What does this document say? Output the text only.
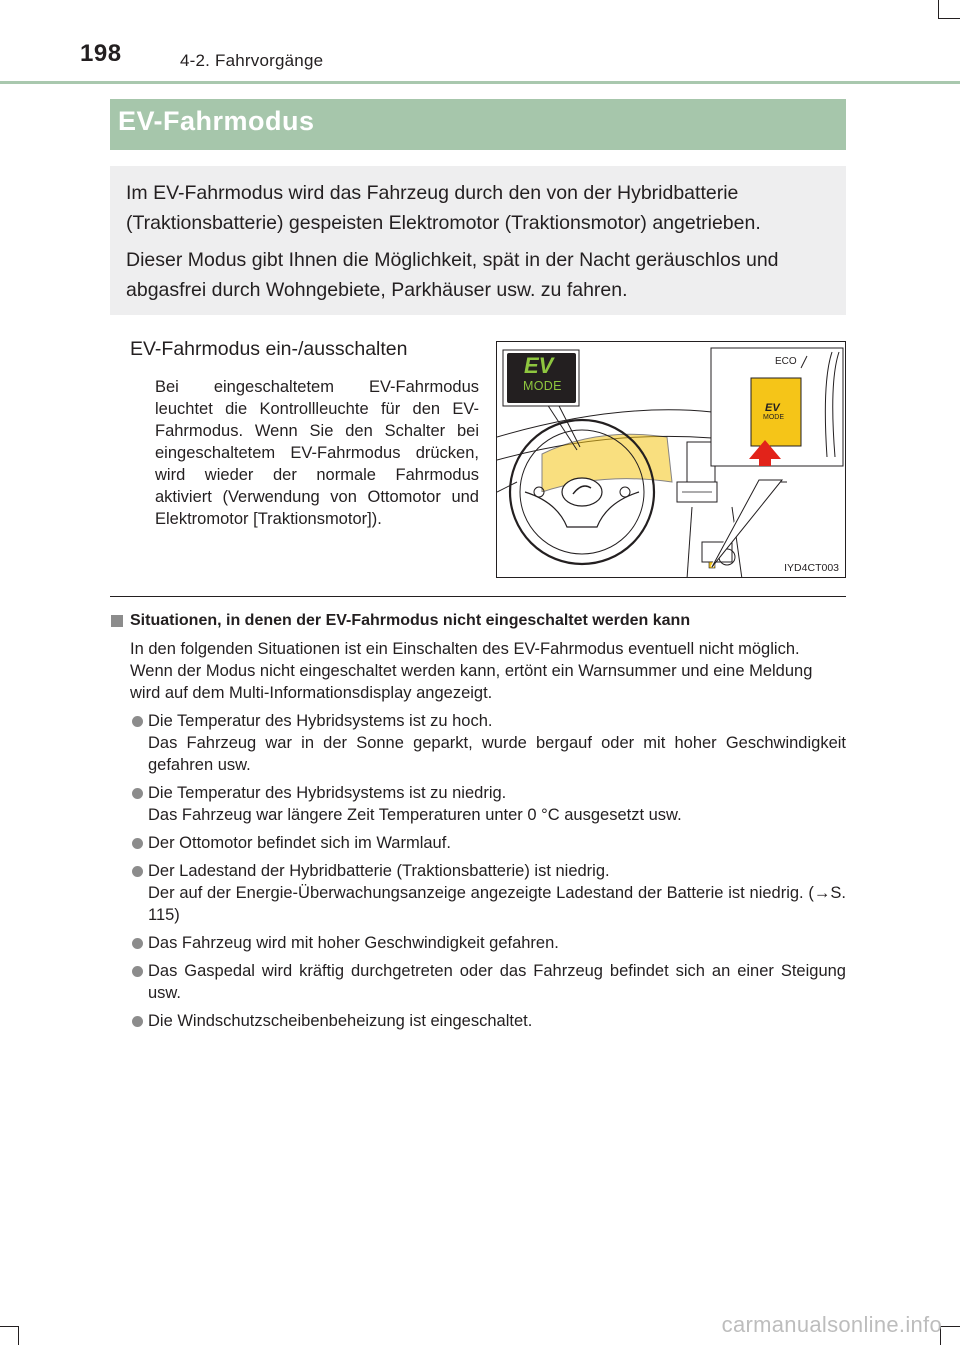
198	4-2. Fahrvorgänge
EV-Fahrmodus

Im EV-Fahrmodus wird das Fahrzeug durch den von der Hybridbatterie (Traktionsbatterie) gespeisten Elektromotor (Traktionsmotor) angetrieben.

Dieser Modus gibt Ihnen die Möglichkeit, spät in der Nacht geräuschlos und abgasfrei durch Wohngebiete, Parkhäuser usw. zu fahren.

EV-Fahrmodus ein-/ausschalten
Bei eingeschaltetem EV-Fahrmodus leuchtet die Kontrollleuchte für den EV-Fahrmodus. Wenn Sie den Schalter bei eingeschaltetem EV-Fahrmodus drücken, wird wieder der normale Fahrmodus aktiviert (Verwendung von Ottomotor und Elektromotor [Traktionsmotor]).
EV
MODE
ECO
EV
MODE
IYD4CT003
Situationen, in denen der EV-Fahrmodus nicht eingeschaltet werden kann
In den folgenden Situationen ist ein Einschalten des EV-Fahrmodus eventuell nicht möglich. Wenn der Modus nicht eingeschaltet werden kann, ertönt ein Warnsummer und eine Meldung wird auf dem Multi-Informationsdisplay angezeigt.
Die Temperatur des Hybridsystems ist zu hoch.
Das Fahrzeug war in der Sonne geparkt, wurde bergauf oder mit hoher Geschwindigkeit gefahren usw.
Die Temperatur des Hybridsystems ist zu niedrig.
Das Fahrzeug war längere Zeit Temperaturen unter 0 °C ausgesetzt usw.
Der Ottomotor befindet sich im Warmlauf.
Der Ladestand der Hybridbatterie (Traktionsbatterie) ist niedrig.
Der auf der Energie-Überwachungsanzeige angezeigte Ladestand der Batterie ist niedrig. (→S. 115)
Das Fahrzeug wird mit hoher Geschwindigkeit gefahren.
Das Gaspedal wird kräftig durchgetreten oder das Fahrzeug befindet sich an einer Steigung usw.
Die Windschutzscheibenbeheizung ist eingeschaltet.
carmanualsonline.info
